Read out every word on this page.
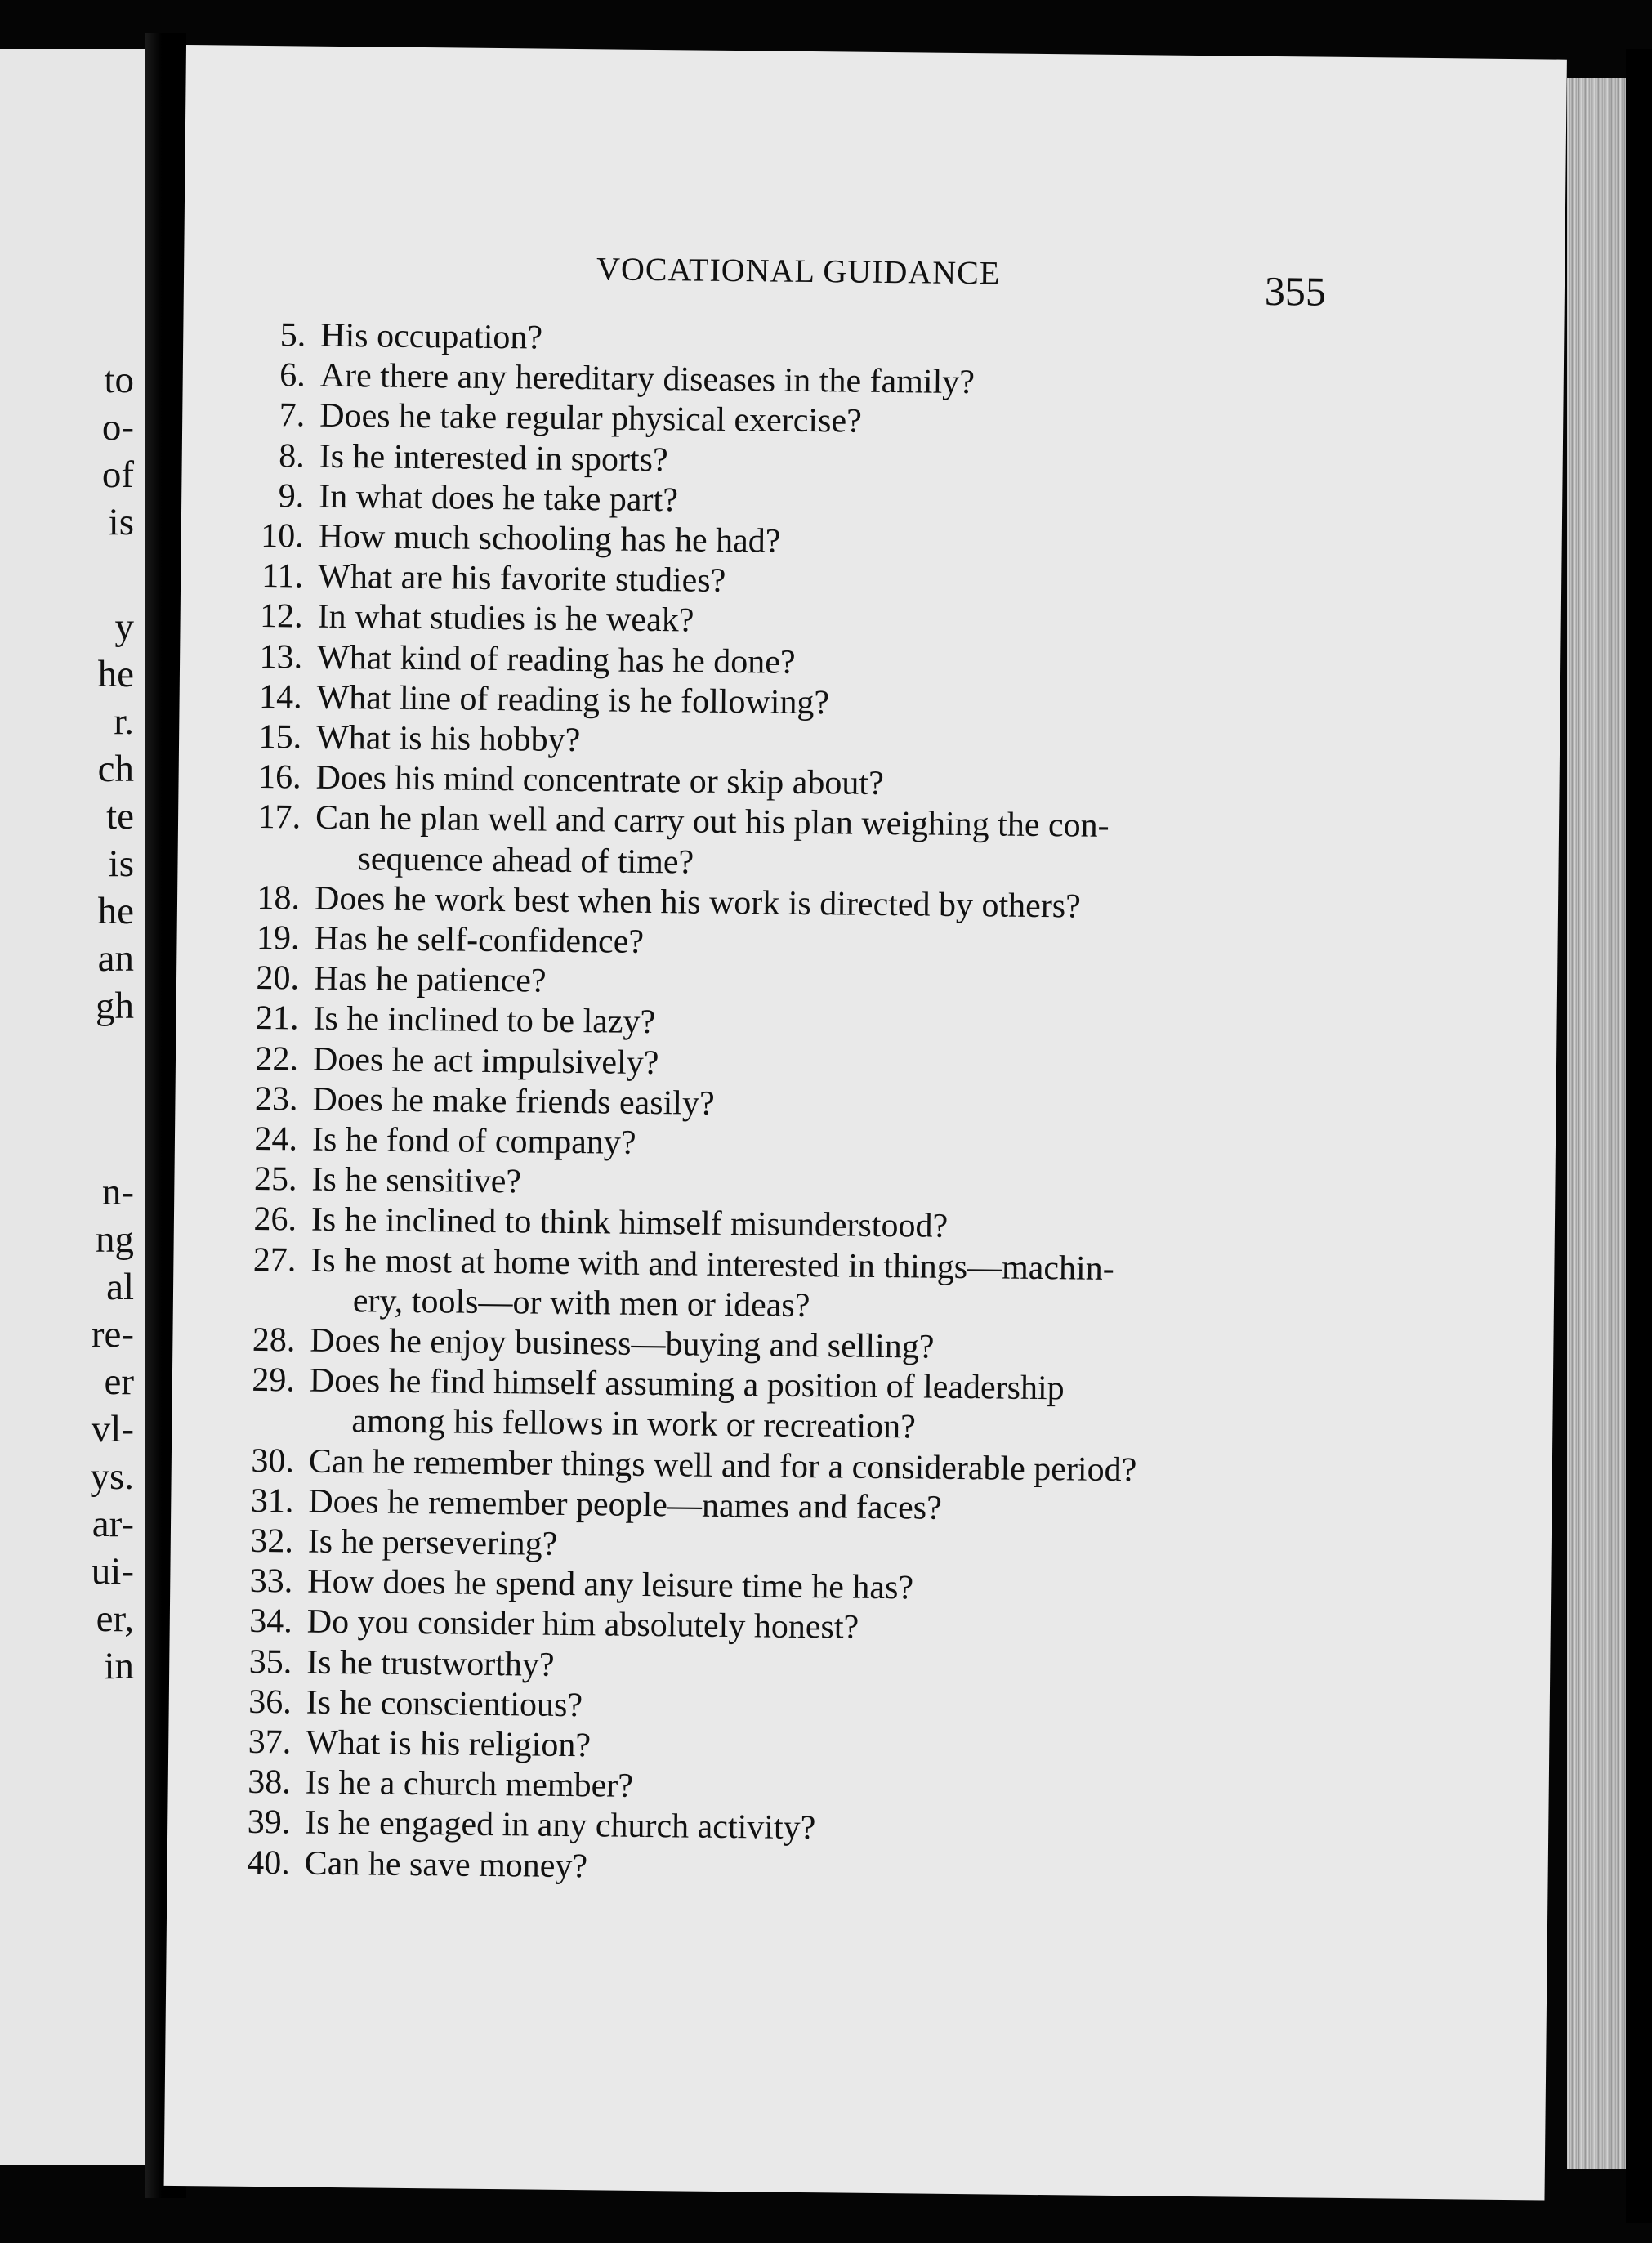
to
o-
of
is
y
he
r.
ch
te
is
he
an
gh
n-
ng
al
re-
er
vl-
ys.
ar-
ui-
er,
in
VOCATIONAL GUIDANCE	355
5. His occupation?
6. Are there any hereditary diseases in the family?
7. Does he take regular physical exercise?
8. Is he interested in sports?
9. In what does he take part?
10. How much schooling has he had?
11. What are his favorite studies?
12. In what studies is he weak?
13. What kind of reading has he done?
14. What line of reading is he following?
15. What is his hobby?
16. Does his mind concentrate or skip about?
17. Can he plan well and carry out his plan weighing the con-
sequence ahead of time?
18. Does he work best when his work is directed by others?
19. Has he self-confidence?
20. Has he patience?
21. Is he inclined to be lazy?
22. Does he act impulsively?
23. Does he make friends easily?
24. Is he fond of company?
25. Is he sensitive?
26. Is he inclined to think himself misunderstood?
27. Is he most at home with and interested in things—machin-
ery, tools—or with men or ideas?
28. Does he enjoy business—buying and selling?
29. Does he find himself assuming a position of leadership
among his fellows in work or recreation?
30. Can he remember things well and for a considerable period?
31. Does he remember people—names and faces?
32. Is he persevering?
33. How does he spend any leisure time he has?
34. Do you consider him absolutely honest?
35. Is he trustworthy?
36. Is he conscientious?
37. What is his religion?
38. Is he a church member?
39. Is he engaged in any church activity?
40. Can he save money?
